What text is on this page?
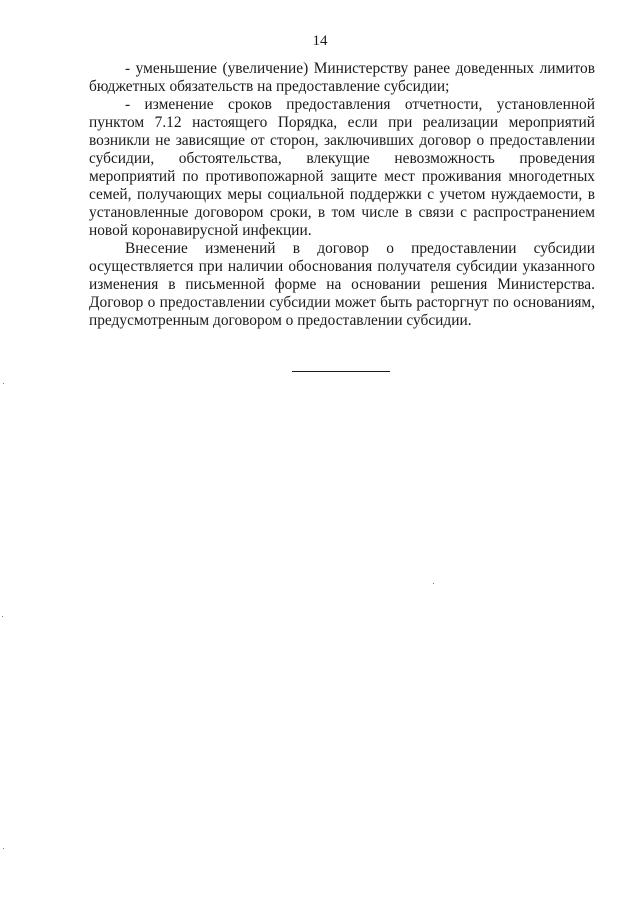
14

- уменьшение (увеличение) Министерству ранее доведенных лимитов бюджетных обязательств на предоставление субсидии;

- изменение сроков предоставления отчетности, установленной пунктом 7.12 настоящего Порядка, если при реализации мероприятий возникли не зависящие от сторон, заключивших договор о предоставлении субсидии, обстоятельства, влекущие невозможность проведения мероприятий по противопожарной защите мест проживания многодетных семей, получающих меры социальной поддержки с учетом нуждаемости, в установленные договором сроки, в том числе в связи с распространением новой коронавирусной инфекции.

Внесение изменений в договор о предоставлении субсидии осуществляется при наличии обоснования получателя субсидии указанного изменения в письменной форме на основании решения Министерства. Договор о предоставлении субсидии может быть расторгнут по основаниям, предусмотренным договором о предоставлении субсидии.
